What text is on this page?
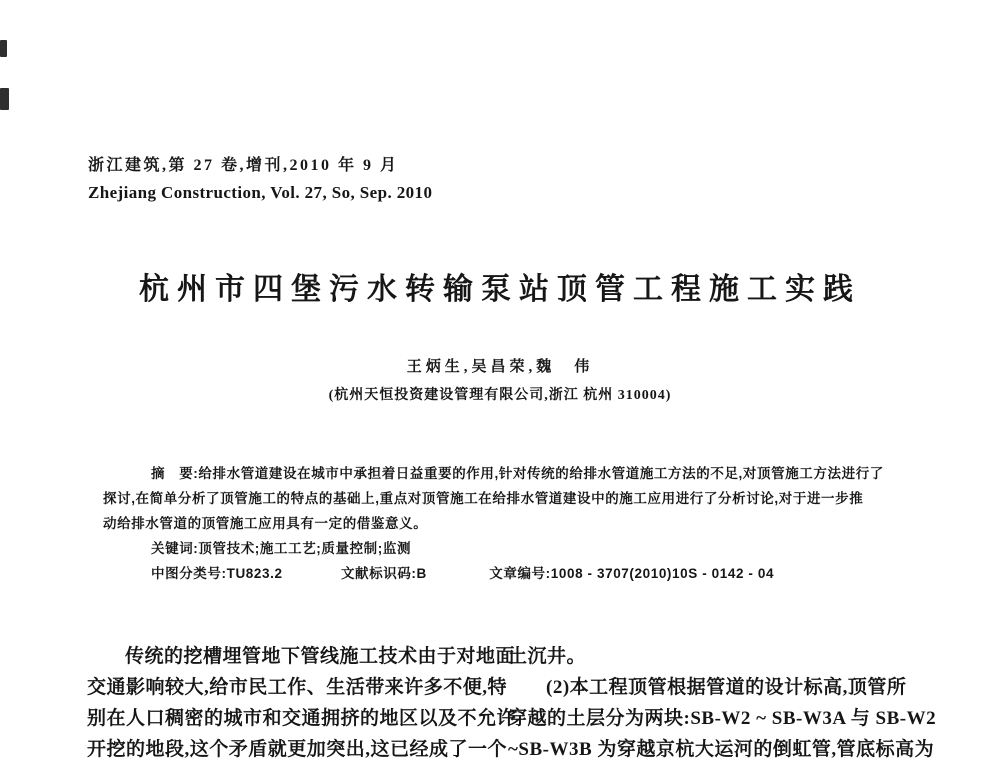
浙江建筑,第 27 卷,增刊,2010 年 9 月
Zhejiang Construction, Vol. 27, So, Sep. 2010
杭州市四堡污水转输泵站顶管工程施工实践
王炳生,吴昌荣,魏　伟
(杭州天恒投资建设管理有限公司,浙江 杭州 310004)
摘　要:给排水管道建设在城市中承担着日益重要的作用,针对传统的给排水管道施工方法的不足,对顶管施工方法进行了
探讨,在简单分析了顶管施工的特点的基础上,重点对顶管施工在给排水管道建设中的施工应用进行了分析讨论,对于进一步推
动给排水管道的顶管施工应用具有一定的借鉴意义。
关键词:顶管技术;施工工艺;质量控制;监测
中图分类号:TU823.2	文献标识码:B	文章编号:1008 - 3707(2010)10S - 0142 - 04
传统的挖槽埋管地下管线施工技术由于对地面
交通影响较大,给市民工作、生活带来许多不便,特
别在人口稠密的城市和交通拥挤的地区以及不允许
开挖的地段,这个矛盾就更加突出,这已经成了一个
土沉井。
(2)本工程顶管根据管道的设计标高,顶管所
穿越的土层分为两块:SB-W2 ~ SB-W3A 与 SB-W2
~SB-W3B 为穿越京杭大运河的倒虹管,管底标高为
